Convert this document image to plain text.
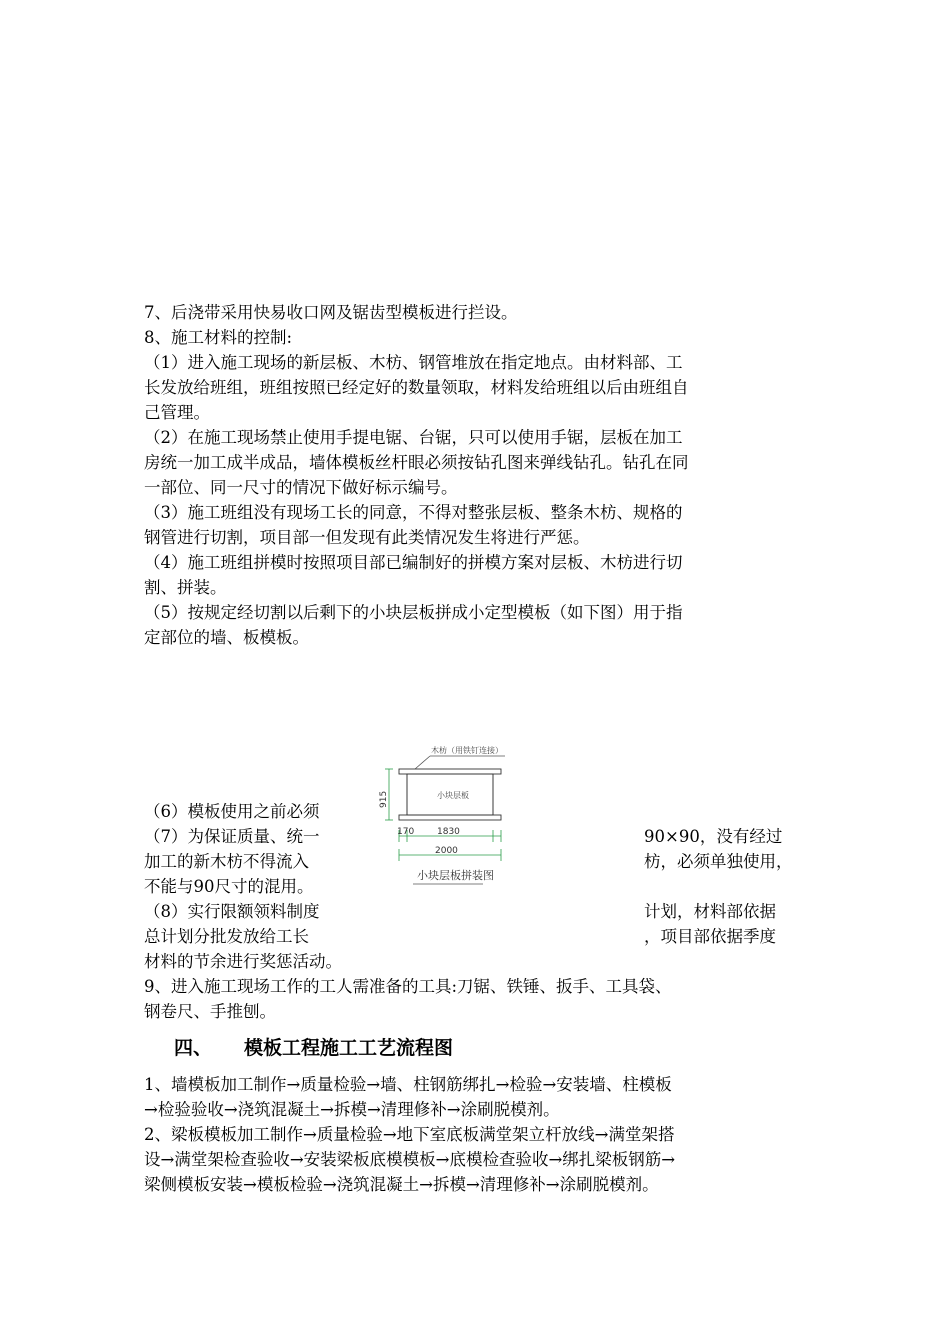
7、后浇带采用快易收口网及锯齿型模板进行拦设。

8、施工材料的控制:

（1）进入施工现场的新层板、木枋、钢管堆放在指定地点。由材料部、工

长发放给班组，班组按照已经定好的数量领取，材料发给班组以后由班组自

己管理。

（2）在施工现场禁止使用手提电锯、台锯，只可以使用手锯，层板在加工

房统一加工成半成品，墙体模板丝杆眼必须按钻孔图来弹线钻孔。钻孔在同

一部位、同一尺寸的情况下做好标示编号。

（3）施工班组没有现场工长的同意，不得对整张层板、整条木枋、规格的

钢管进行切割，项目部一但发现有此类情况发生将进行严惩。

（4）施工班组拼模时按照项目部已编制好的拼模方案对层板、木枋进行切

割、拼装。

（5）按规定经切割以后剩下的小块层板拼成小定型模板（如下图）用于指

定部位的墙、板模板。

（6）模板使用之前必须

（7）为保证质量、统一	90×90，没有经过

加工的新木枋不得流入	枋，必须单独使用，

不能与90尺寸的混用。

（8）实行限额领料制度	计划，材料部依据

总计划分批发放给工长	，项目部依据季度

材料的节余进行奖惩活动。

9、进入施工现场工作的工人需准备的工具:刀锯、铁锤、扳手、工具袋、

钢卷尺、手推刨。

木枋（用铁钉连接）
小块层板
915
170	1830
2000
小块层板拼装图

四、 模板工程施工工艺流程图

1、墙模板加工制作→质量检验→墙、柱钢筋绑扎→检验→安装墙、柱模板

→检验验收→浇筑混凝土→拆模→清理修补→涂刷脱模剂。

2、梁板模板加工制作→质量检验→地下室底板满堂架立杆放线→满堂架搭

设→满堂架检查验收→安装梁板底模模板→底模检查验收→绑扎梁板钢筋→

梁侧模板安装→模板检验→浇筑混凝土→拆模→清理修补→涂刷脱模剂。
